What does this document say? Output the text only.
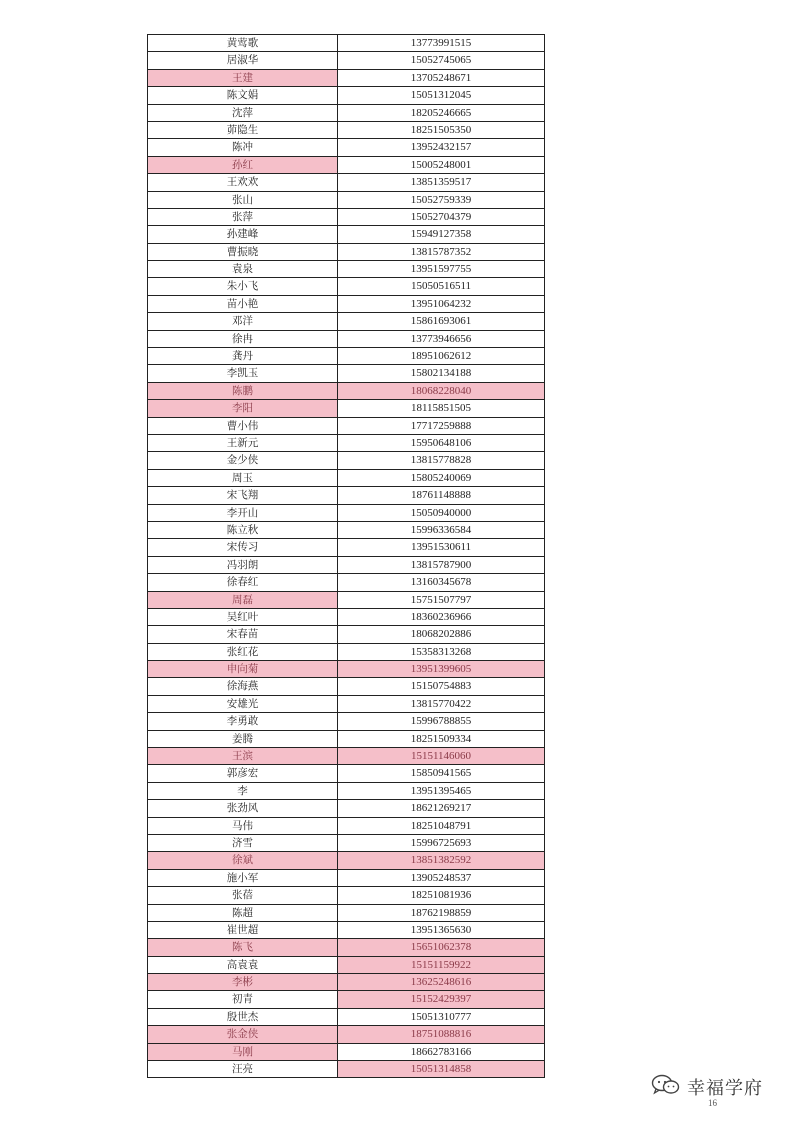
黄莺歌	13773991515
居淑华	15052745065
王建	13705248671
陈文娟	15051312045
沈萍	18205246665
茆隐生	18251505350
陈冲	13952432157
孙红	15005248001
王欢欢	13851359517
张山	15052759339
张萍	15052704379
孙建峰	15949127358
曹振晓	13815787352
袁泉	13951597755
朱小飞	15050516511
苗小艳	13951064232
邓洋	15861693061
徐冉	13773946656
龚丹	18951062612
李凯玉	15802134188
陈鹏	18068228040
李阳	18115851505
曹小伟	17717259888
王新元	15950648106
金少侠	13815778828
周玉	15805240069
宋飞翔	18761148888
李开山	15050940000
陈立秋	15996336584
宋传习	13951530611
冯羽朗	13815787900
徐春红	13160345678
周磊	15751507797
吴红叶	18360236966
宋春苗	18068202886
张红花	15358313268
申向菊	13951399605
徐海燕	15150754883
安雄光	13815770422
李勇敢	15996788855
姜腾	18251509334
王滨	15151146060
郭彦宏	15850941565
李	13951395465
张劲风	18621269217
马伟	18251048791
济雪	15996725693
徐斌	13851382592
施小军	13905248537
张蓓	18251081936
陈超	18762198859
崔世超	13951365630
陈飞	15651062378
高袁袁	15151159922
李彬	13625248616
初青	15152429397
殷世杰	15051310777
张金侠	18751088816
马刚	18662783166
汪亮	15051314858
幸福学府
16
